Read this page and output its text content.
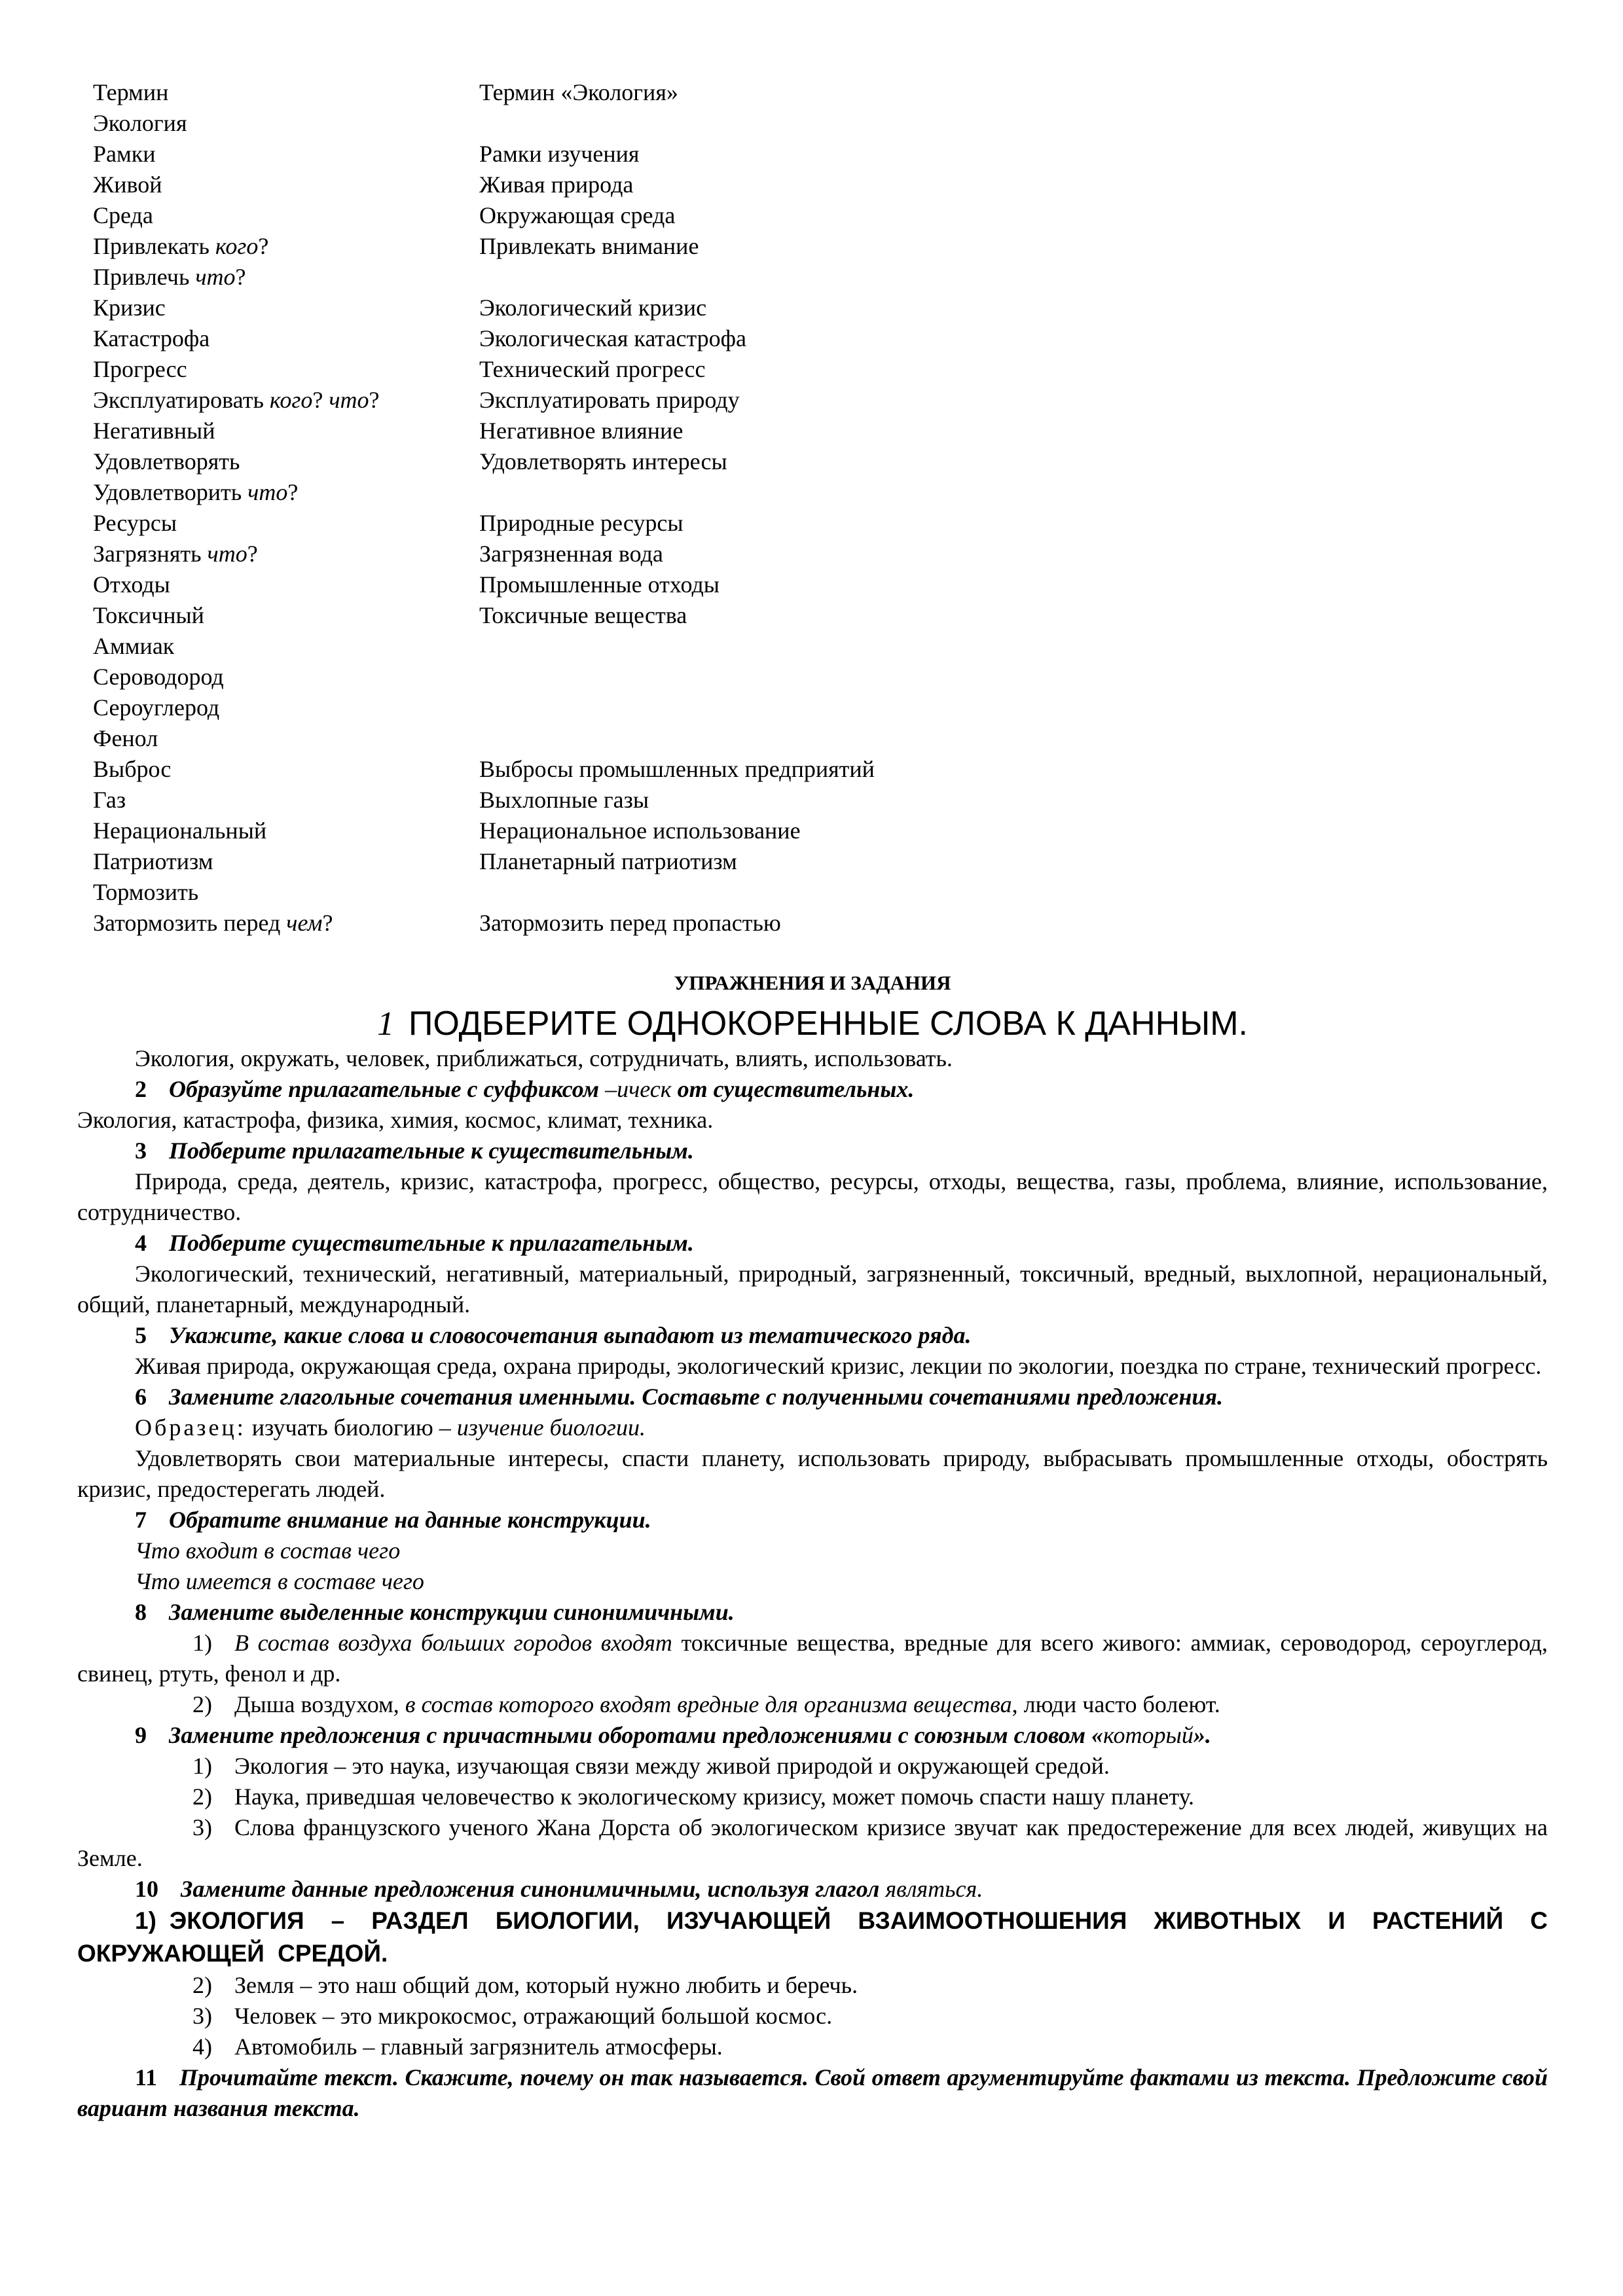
Термин	Термин «Экология»
Экология
Рамки	Рамки изучения
Живой	Живая природа
Среда	Окружающая среда
Привлекать кого?	Привлекать внимание
Привлечь что?
Кризис	Экологический кризис
Катастрофа	Экологическая катастрофа
Прогресс	Технический прогресс
Эксплуатировать кого? что?	Эксплуатировать природу
Негативный	Негативное влияние
Удовлетворять	Удовлетворять интересы
Удовлетворить что?
Ресурсы	Природные ресурсы
Загрязнять что?	Загрязненная вода
Отходы	Промышленные отходы
Токсичный	Токсичные вещества
Аммиак
Сероводород
Сероуглерод
Фенол
Выброс	Выбросы промышленных предприятий
Газ	Выхлопные газы
Нерациональный	Нерациональное использование
Патриотизм	Планетарный патриотизм
Тормозить
Затормозить перед чем?	Затормозить перед пропастью
УПРАЖНЕНИЯ И ЗАДАНИЯ
1 ПОДБЕРИТЕ ОДНОКОРЕННЫЕ СЛОВА К ДАННЫМ.

Экология, окружать, человек, приближаться, сотрудничать, влиять, использовать.

2 Образуйте прилагательные с суффиксом –ическ от существительных.

Экология, катастрофа, физика, химия, космос, климат, техника.

3 Подберите прилагательные к существительным.

Природа, среда, деятель, кризис, катастрофа, прогресс, общество, ресурсы, отходы, вещества, газы, проблема, влияние, использование, сотрудничество.

4 Подберите существительные к прилагательным.

Экологический, технический, негативный, материальный, природный, загрязненный, токсичный, вредный, выхлопной, нерациональный, общий, планетарный, международный.

5 Укажите, какие слова и словосочетания выпадают из тематического ряда.

Живая природа, окружающая среда, охрана природы, экологический кризис, лекции по экологии, поездка по стране, технический прогресс.

6 Замените глагольные сочетания именными. Составьте с полученными сочетаниями предложения.

Образец: изучать биологию – изучение биологии.

Удовлетворять свои материальные интересы, спасти планету, использовать природу, выбрасывать промышленные отходы, обострять кризис, предостерегать людей.

7 Обратите внимание на данные конструкции.

Что входит в состав чего

Что имеется в составе чего

8 Замените выделенные конструкции синонимичными.

1) В состав воздуха больших городов входят токсичные вещества, вредные для всего живого: аммиак, сероводород, сероуглерод, свинец, ртуть, фенол и др.

2) Дыша воздухом, в состав которого входят вредные для организма вещества, люди часто болеют.

9 Замените предложения с причастными оборотами предложениями с союзным словом «который».

1) Экология – это наука, изучающая связи между живой природой и окружающей средой.

2) Наука, приведшая человечество к экологическому кризису, может помочь спасти нашу планету.

3) Слова французского ученого Жана Дорста об экологическом кризисе звучат как предостережение для всех людей, живущих на Земле.

10 Замените данные предложения синонимичными, используя глагол являться.

1) ЭКОЛОГИЯ – РАЗДЕЛ БИОЛОГИИ, ИЗУЧАЮЩЕЙ ВЗАИМООТНОШЕНИЯ ЖИВОТНЫХ И РАСТЕНИЙ С ОКРУЖАЮЩЕЙ СРЕДОЙ.

2) Земля – это наш общий дом, который нужно любить и беречь.

3) Человек – это микрокосмос, отражающий большой космос.

4) Автомобиль – главный загрязнитель атмосферы.

11 Прочитайте текст. Скажите, почему он так называется. Свой ответ аргументируйте фактами из текста. Предложите свой вариант названия текста.
